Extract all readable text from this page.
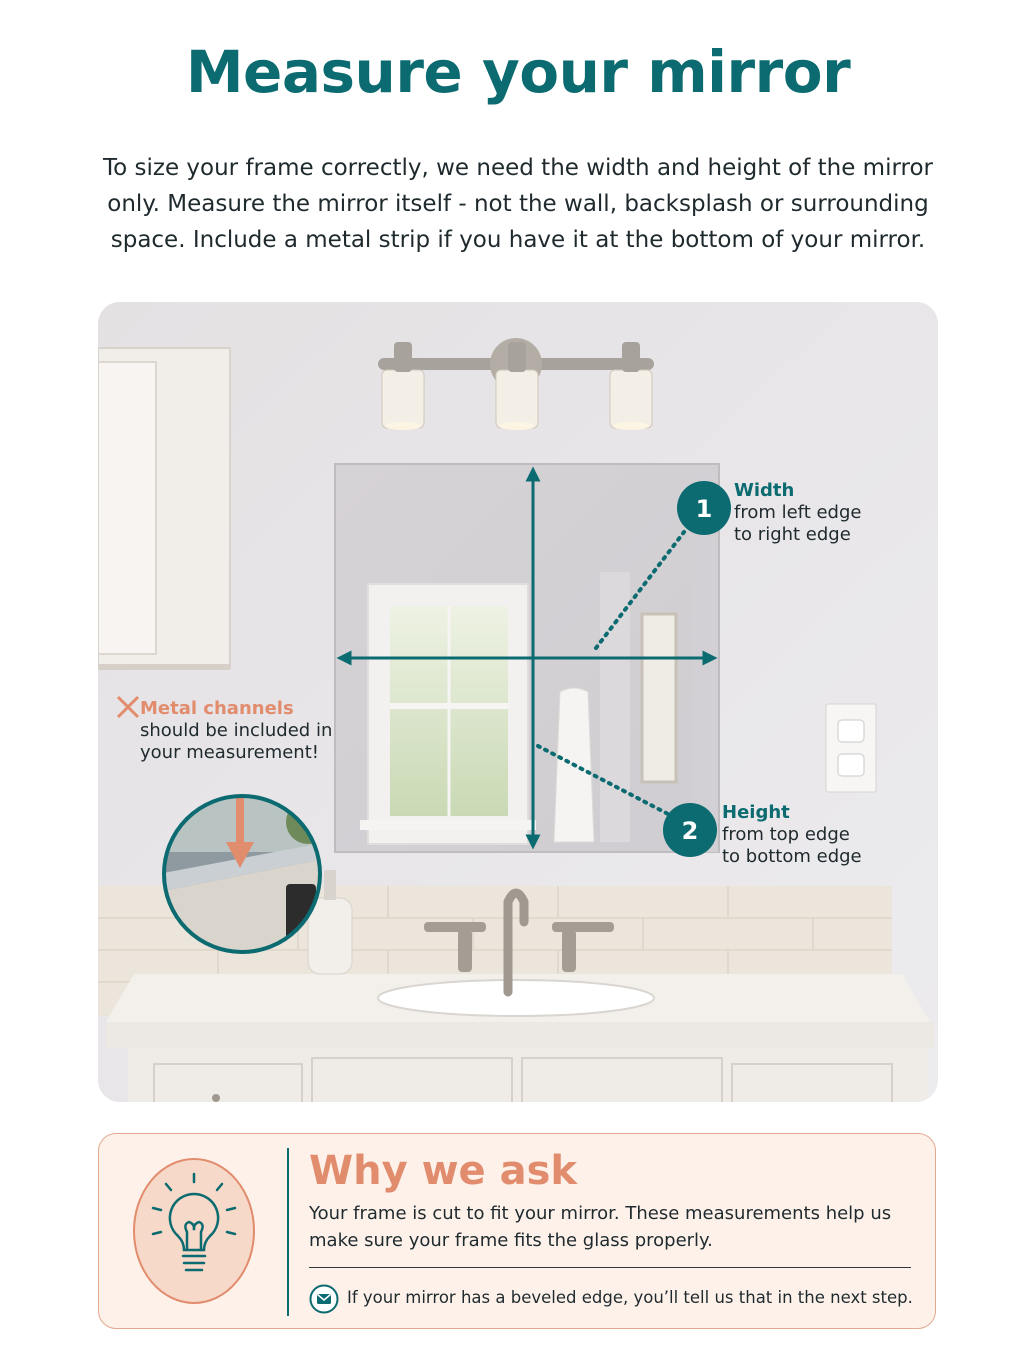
Measure your mirror

To size your frame correctly, we need the width and height of the mirror only. Measure the mirror itself - not the wall, backsplash or surrounding space. Include a metal strip if you have it at the bottom of your mirror.

1
2
Width
from left edge
to right edge
Height
from top edge
to bottom edge
Metal channels
should be included in
your measurement!
Why we ask

Your frame is cut to fit your mirror. These measurements help us make sure your frame fits the glass properly.

If your mirror has a beveled edge, you’ll tell us that in the next step.
